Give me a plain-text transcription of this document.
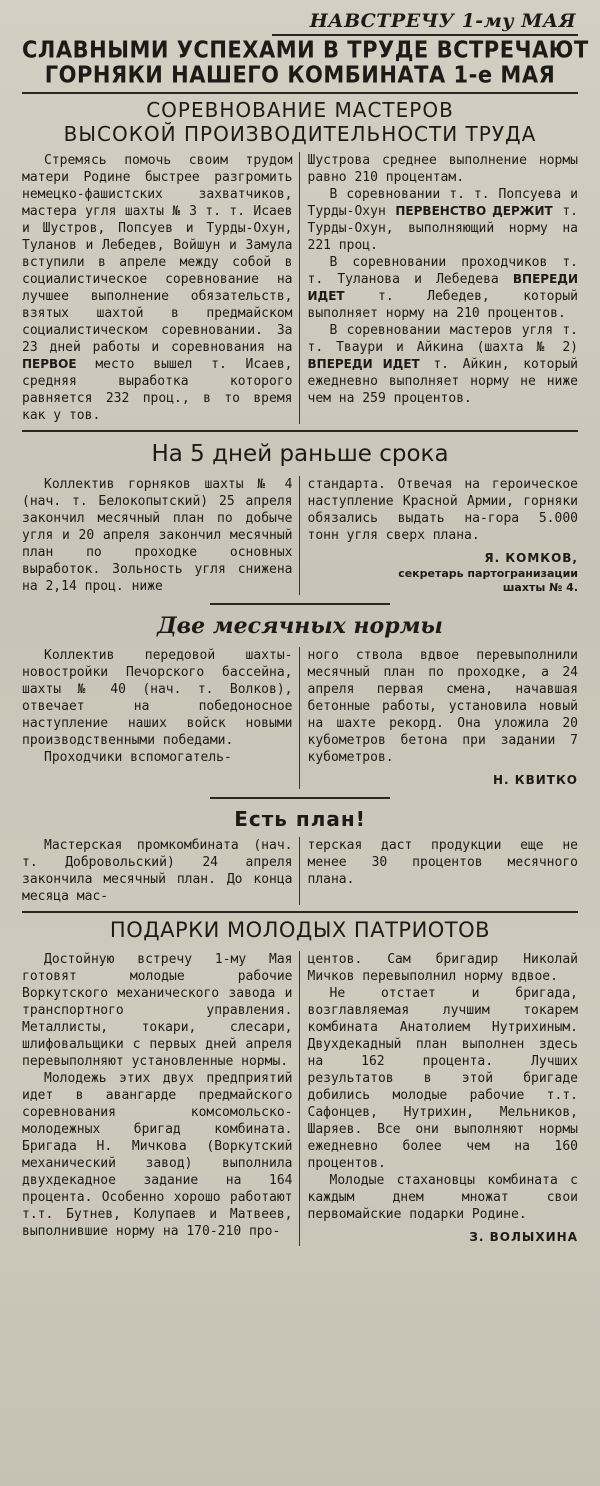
НАВСТРЕЧУ 1-му МАЯ
СЛАВНЫМИ УСПЕХАМИ В ТРУДЕ ВСТРЕЧАЮТ
ГОРНЯКИ НАШЕГО КОМБИНАТА 1-е МАЯ
СОРЕВНОВАНИЕ МАСТЕРОВ
ВЫСОКОЙ ПРОИЗВОДИТЕЛЬНОСТИ ТРУДА

Стремясь помочь своим трудом матери Родине быстрее разгромить немецко-фашистских захватчиков, мастера угля шахты № 3 т. т. Исаев и Шустров, Попсуев и Турды-Охун, Туланов и Лебедев, Войшун и Замула вступили в апреле между собой в социалистическое соревнование на лучшее выполнение обязательств, взятых шахтой в предмайском социалистическом соревновании. За 23 дней работы и соревнования на ПЕРВОЕ место вышел т. Исаев, средняя выработка которого равняется 232 проц., в то время как у тов.

Шустрова среднее выполнение нормы равно 210 процентам.

В соревновании т. т. Попсуева и Турды-Охун ПЕРВЕНСТВО ДЕРЖИТ т. Турды-Охун, выполняющий норму на 221 проц.

В соревновании проходчиков т. т. Туланова и Лебедева ВПЕРЕДИ ИДЕТ т. Лебедев, который выполняет норму на 210 процентов.

В соревновании мастеров угля т. т. Тваури и Айкина (шахта № 2) ВПЕРЕДИ ИДЕТ т. Айкин, который ежедневно выполняет норму не ниже чем на 259 процентов.

На 5 дней раньше срока

Коллектив горняков шахты № 4 (нач. т. Белокопытский) 25 апреля закончил месячный план по добыче угля и 20 апреля закончил месячный план по проходке основных выработок. Зольность угля снижена на 2,14 проц. ниже

стандарта. Отвечая на героическое наступление Красной Армии, горняки обязались выдать на-гора 5.000 тонн угля сверх плана.

Я. КОМКОВ,
секретарь партогранизации
шахты № 4.
Две месячных нормы

Коллектив передовой шахты-новостройки Печорского бассейна, шахты № 40 (нач. т. Волков), отвечает на победоносное наступление наших войск новыми производственными победами.

Проходчики вспомогатель-

ного ствола вдвое перевыполнили месячный план по проходке, а 24 апреля первая смена, начавшая бетонные работы, установила новый на шахте рекорд. Она уложила 20 кубометров бетона при задании 7 кубометров.

Н. КВИТКО
Есть план!

Мастерская промкомбината (нач. т. Добровольский) 24 апреля закончила месячный план. До конца месяца мас-

терская даст продукции еще не менее 30 процентов месячного плана.

ПОДАРКИ МОЛОДЫХ ПАТРИОТОВ

Достойную встречу 1-му Мая готовят молодые рабочие Воркутского механического завода и транспортного управления. Металлисты, токари, слесари, шлифовальщики с первых дней апреля перевыполняют установленные нормы.

Молодежь этих двух предприятий идет в авангарде предмайского соревнования комсомольско-молодежных бригад комбината. Бригада Н. Мичкова (Воркутский механический завод) выполнила двухдекадное задание на 164 процента. Особенно хорошо работают т.т. Бутнев, Колупаев и Матвеев, выполнившие норму на 170-210 про-

центов. Сам бригадир Николай Мичков перевыполнил норму вдвое.

Не отстает и бригада, возглавляемая лучшим токарем комбината Анатолием Нутрихиным. Двухдекадный план выполнен здесь на 162 процента. Лучших результатов в этой бригаде добились молодые рабочие т.т. Сафонцев, Нутрихин, Мельников, Шаряев. Все они выполняют нормы ежедневно более чем на 160 процентов.

Молодые стахановцы комбината с каждым днем множат свои первомайские подарки Родине.

З. ВОЛЫХИНА
